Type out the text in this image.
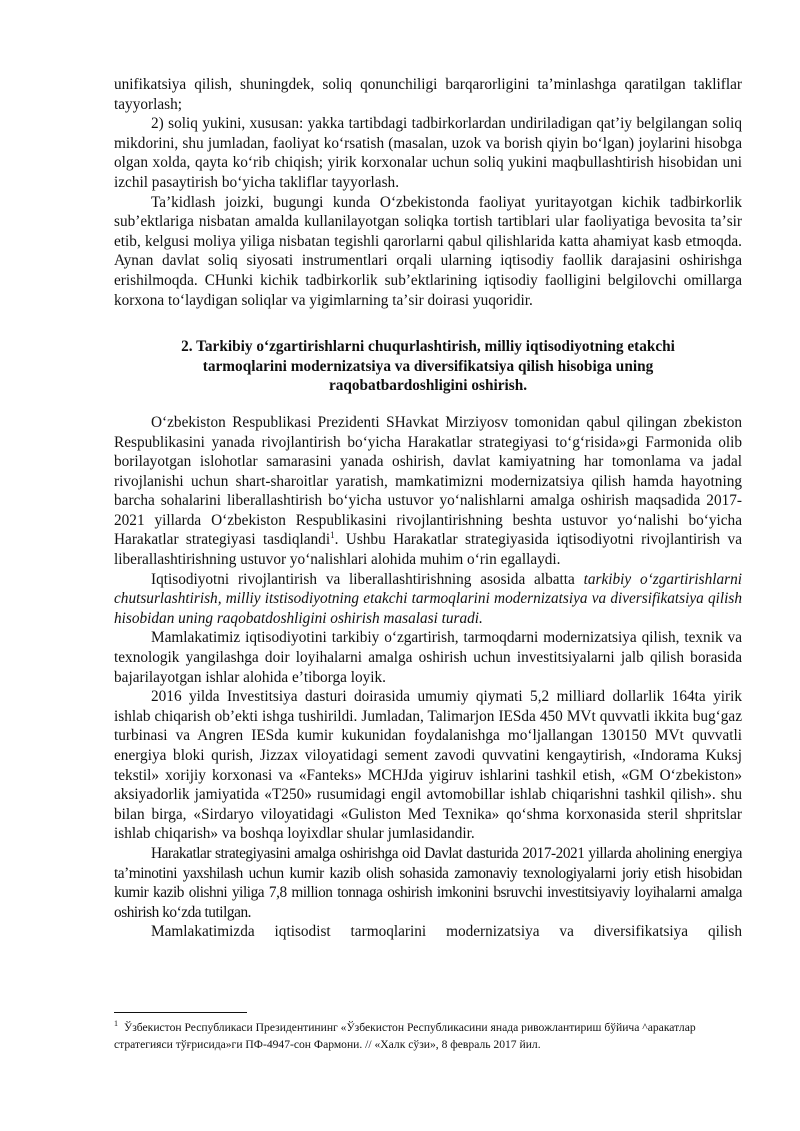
unifikatsiya qilish, shuningdek, soliq qonunchiligi barqarorligini taʼminlashga qaratilgan takliflar tayyorlash;

2) soliq yukini, xususan: yakka tartibdagi tadbirkorlardan undiriladigan qatʼiy belgilangan soliq mikdorini, shu jumladan, faoliyat koʻrsatish (masalan, uzok va borish qiyin boʻlgan) joylarini hisobga olgan xolda, qayta koʻrib chiqish; yirik korxonalar uchun soliq yukini maqbullashtirish hisobidan uni izchil pasaytirish boʻyicha takliflar tayyorlash.

Taʼkidlash joizki, bugungi kunda Oʻzbekistonda faoliyat yuritayotgan kichik tadbirkorlik subʼektlariga nisbatan amalda kullanilayotgan soliqka tortish tartiblari ular faoliyatiga bevosita taʼsir etib, kelgusi moliya yiliga nisbatan tegishli qarorlarni qabul qilishlarida katta ahamiyat kasb etmoqda. Aynan davlat soliq siyosati instrumentlari orqali ularning iqtisodiy faollik darajasini oshirishga erishilmoqda. CHunki kichik tadbirkorlik subʼektlarining iqtisodiy faolligini belgilovchi omillarga korxona toʻlaydigan soliqlar va yigimlarning taʼsir doirasi yuqoridir.

2. Tarkibiy oʻzgartirishlarni chuqurlashtirish, milliy iqtisodiyotning etakchi tarmoqlarini modernizatsiya va diversifikatsiya qilish hisobiga uning raqobatbardoshligini oshirish.

Oʻzbekiston Respublikasi Prezidenti SHavkat Mirziyosv tomonidan qabul qilingan zbekiston Respublikasini yanada rivojlantirish boʻyicha Harakatlar strategiyasi toʻgʻrisida»gi Farmonida olib borilayotgan islohotlar samarasini yanada oshirish, davlat kamiyatning har tomonlama va jadal rivojlanishi uchun shart-sharoitlar yaratish, mamkatimizni modernizatsiya qilish hamda hayotning barcha sohalarini liberallashtirish boʻyicha ustuvor yoʻnalishlarni amalga oshirish maqsadida 2017-2021 yillarda Oʻzbekiston Respublikasini rivojlantirishning beshta ustuvor yoʻnalishi boʻyicha Harakatlar strategiyasi tasdiqlandi$^1$. Ushbu Harakatlar strategiyasida iqtisodiyotni rivojlantirish va liberallashtirishning ustuvor yoʻnalishlari alohida muhim oʻrin egallaydi.

Iqtisodiyotni rivojlantirish va liberallashtirishning asosida albatta tarkibiy oʻzgartirishlarni chutsurlashtirish, milliy itstisodiyotning etakchi tarmoqlarini modernizatsiya va diversifikatsiya qilish hisobidan uning raqobatdoshligini oshirish masalasi turadi.

Mamlakatimiz iqtisodiyotini tarkibiy oʻzgartirish, tarmoqdarni modernizatsiya qilish, texnik va texnologik yangilashga doir loyihalarni amalga oshirish uchun investitsiyalarni jalb qilish borasida bajarilayotgan ishlar alohida eʼtiborga loyik.

2016 yilda Investitsiya dasturi doirasida umumiy qiymati 5,2 milliard dollarlik 164ta yirik ishlab chiqarish obʼekti ishga tushirildi. Jumladan, Talimarjon IESda 450 MVt quvvatli ikkita bugʻgaz turbinasi va Angren IESda kumir kukunidan foydalanishga moʻljallangan 130150 MVt quvvatli energiya bloki qurish, Jizzax viloyatidagi sement zavodi quvvatini kengaytirish, «Indorama Kuksj tekstil» xorijiy korxonasi va «Fanteks» MCHJda yigiruv ishlarini tashkil etish, «GM Oʻzbekiston» aksiyadorlik jamiyatida «T250» rusumidagi engil avtomobillar ishlab chiqarishni tashkil qilish». shu bilan birga, «Sirdaryo viloyatidagi «Guliston Med Texnika» qoʻshma korxonasida steril shpritslar ishlab chiqarish» va boshqa loyixdlar shular jumlasidandir.

Harakatlar strategiyasini amalga oshirishga oid Davlat dasturida 2017-2021 yillarda aholining energiya taʼminotini yaxshilash uchun kumir kazib olish sohasida zamonaviy texnologiyalarni joriy etish hisobidan kumir kazib olishni yiliga 7,8 million tonnaga oshirish imkonini bsruvchi investitsiyaviy loyihalarni amalga oshirish koʻzda tutilgan.

Mamlakatimizda iqtisodist tarmoqlarini modernizatsiya va diversifikatsiya qilish

$^1$ Ўзбекистон Республикаси Президентининг «Ўзбекистон Республикасини янада ривожлантириш бўйича ^аракатлар стратегияси тўғрисида»ги ПФ-4947-сон Фармони. // «Халк сўзи», 8 февраль 2017 йил.
